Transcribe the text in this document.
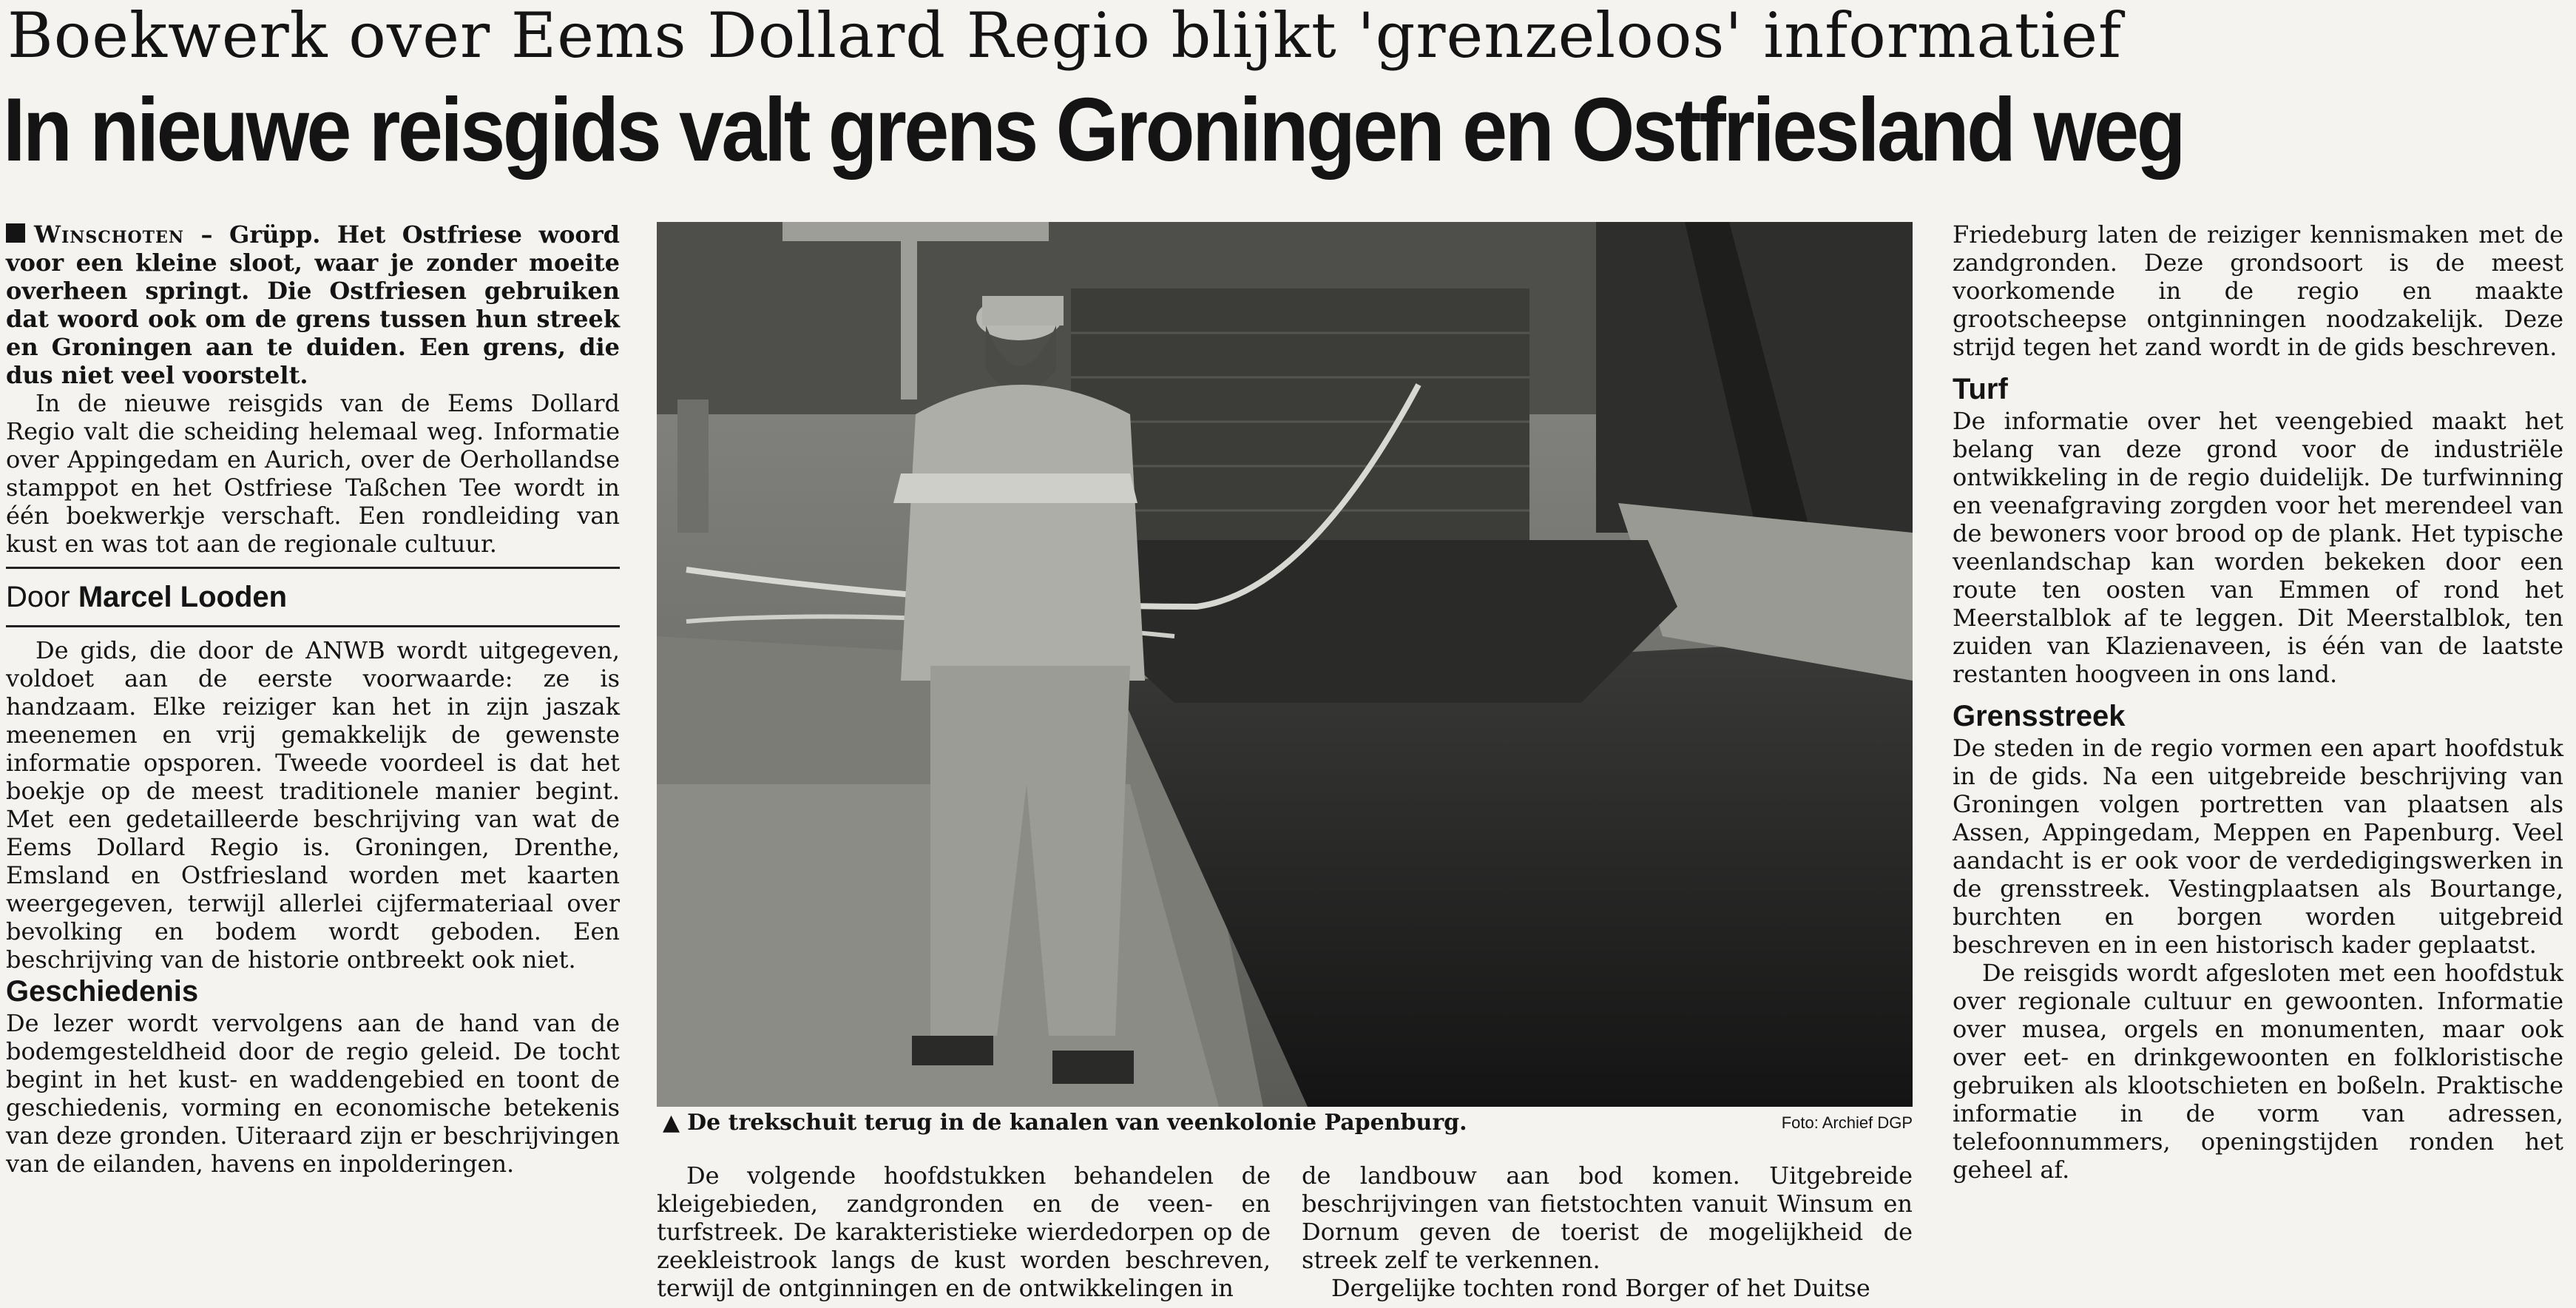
Boekwerk over Eems Dollard Regio blijkt 'grenzeloos' informatief
In nieuwe reisgids valt grens Groningen en Ostfriesland weg

Winschoten – Grüpp. Het Ostfriese woord voor een kleine sloot, waar je zonder moeite overheen springt. Die Ostfriesen gebruiken dat woord ook om de grens tussen hun streek en Groningen aan te duiden. Een grens, die dus niet veel voorstelt.

In de nieuwe reisgids van de Eems Dollard Regio valt die scheiding helemaal weg. Informatie over Appingedam en Aurich, over de Oerhollandse stamppot en het Ostfriese Taßchen Tee wordt in één boekwerkje verschaft. Een rondleiding van kust en was tot aan de regionale cultuur.

Door Marcel Looden

De gids, die door de ANWB wordt uitgegeven, voldoet aan de eerste voorwaarde: ze is handzaam. Elke reiziger kan het in zijn jaszak meenemen en vrij gemakkelijk de gewenste informatie opsporen. Tweede voordeel is dat het boekje op de meest traditionele manier begint. Met een gedetailleerde beschrijving van wat de Eems Dollard Regio is. Groningen, Drenthe, Emsland en Ostfriesland worden met kaarten weergegeven, terwijl allerlei cijfermateriaal over bevolking en bodem wordt geboden. Een beschrijving van de historie ontbreekt ook niet.

Geschiedenis

De lezer wordt vervolgens aan de hand van de bodemgesteldheid door de regio geleid. De tocht begint in het kust- en waddengebied en toont de geschiedenis, vorming en economische betekenis van deze gronden. Uiteraard zijn er beschrijvingen van de eilanden, havens en inpolderingen.

▲ De trekschuit terug in de kanalen van veenkolonie Papenburg.	Foto: Archief DGP

De volgende hoofdstukken behandelen de kleigebieden, zandgronden en de veen- en turfstreek. De karakteristieke wierdedorpen op de zeekleistrook langs de kust worden beschreven, terwijl de ontginningen en de ontwikkelingen in

de landbouw aan bod komen. Uitgebreide beschrijvingen van fietstochten vanuit Winsum en Dornum geven de toerist de mogelijkheid de streek zelf te verkennen.

Dergelijke tochten rond Borger of het Duitse

Friedeburg laten de reiziger kennismaken met de zandgronden. Deze grondsoort is de meest voorkomende in de regio en maakte grootscheepse ontginningen noodzakelijk. Deze strijd tegen het zand wordt in de gids beschreven.

Turf

De informatie over het veengebied maakt het belang van deze grond voor de industriële ontwikkeling in de regio duidelijk. De turfwinning en veenafgraving zorgden voor het merendeel van de bewoners voor brood op de plank. Het typische veenlandschap kan worden bekeken door een route ten oosten van Emmen of rond het Meerstalblok af te leggen. Dit Meerstalblok, ten zuiden van Klazienaveen, is één van de laatste restanten hoogveen in ons land.

Grensstreek

De steden in de regio vormen een apart hoofdstuk in de gids. Na een uitgebreide beschrijving van Groningen volgen portretten van plaatsen als Assen, Appingedam, Meppen en Papenburg. Veel aandacht is er ook voor de verdedigingswerken in de grensstreek. Vestingplaatsen als Bourtange, burchten en borgen worden uitgebreid beschreven en in een historisch kader geplaatst.

De reisgids wordt afgesloten met een hoofdstuk over regionale cultuur en gewoonten. Informatie over musea, orgels en monumenten, maar ook over eet- en drinkgewoonten en folkloristische gebruiken als klootschieten en boßeln. Praktische informatie in de vorm van adressen, telefoonnummers, openingstijden ronden het geheel af.
